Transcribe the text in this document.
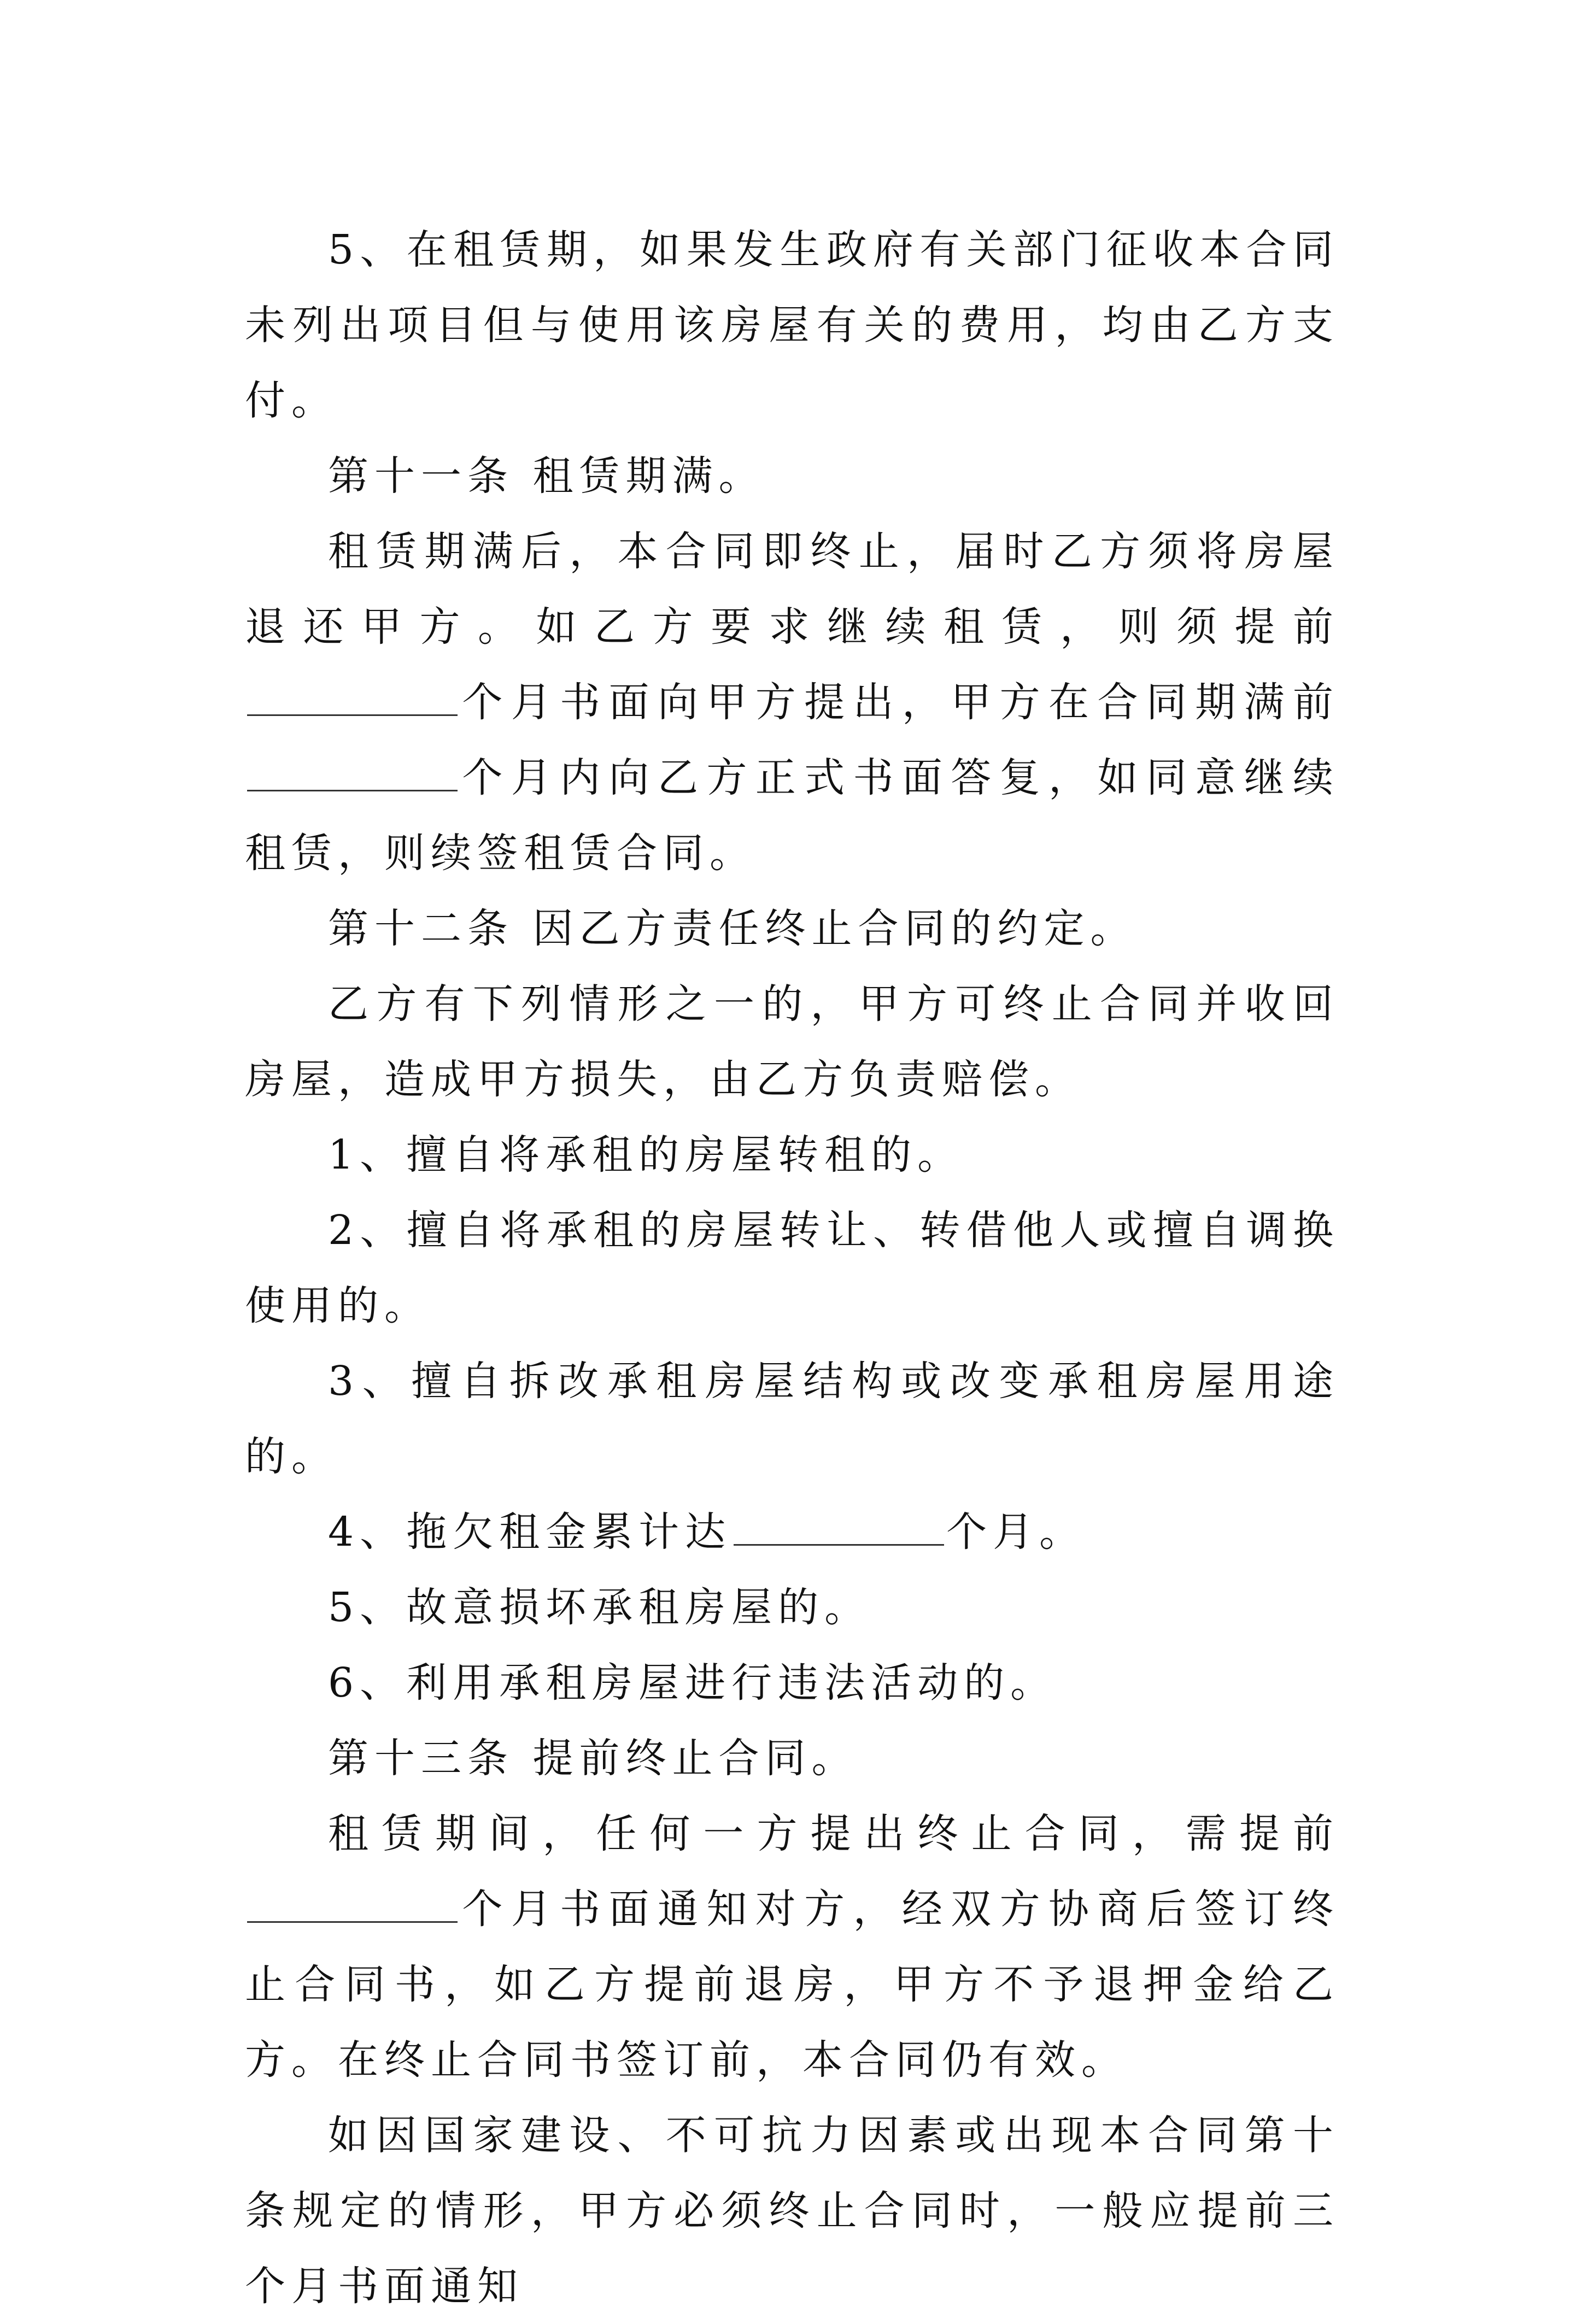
5、在租赁期，如果发生政府有关部门征收本合同未列出项目但与使用该房屋有关的费用，均由乙方支付。

第十一条 租赁期满。

租赁期满后，本合同即终止，届时乙方须将房屋退还甲方。如乙方要求继续租赁，则须提前个月书面向甲方提出，甲方在合同期满前个月内向乙方正式书面答复，如同意继续租赁，则续签租赁合同。

第十二条 因乙方责任终止合同的约定。

乙方有下列情形之一的，甲方可终止合同并收回房屋，造成甲方损失，由乙方负责赔偿。

1、擅自将承租的房屋转租的。

2、擅自将承租的房屋转让、转借他人或擅自调换使用的。

3、擅自拆改承租房屋结构或改变承租房屋用途的。

4、拖欠租金累计达	个月。

5、故意损坏承租房屋的。

6、利用承租房屋进行违法活动的。

第十三条 提前终止合同。

租赁期间，任何一方提出终止合同，需提前个月书面通知对方，经双方协商后签订终止合同书，如乙方提前退房，甲方不予退押金给乙方。在终止合同书签订前，本合同仍有效。

如因国家建设、不可抗力因素或出现本合同第十条规定的情形，甲方必须终止合同时，一般应提前三个月书面通知
